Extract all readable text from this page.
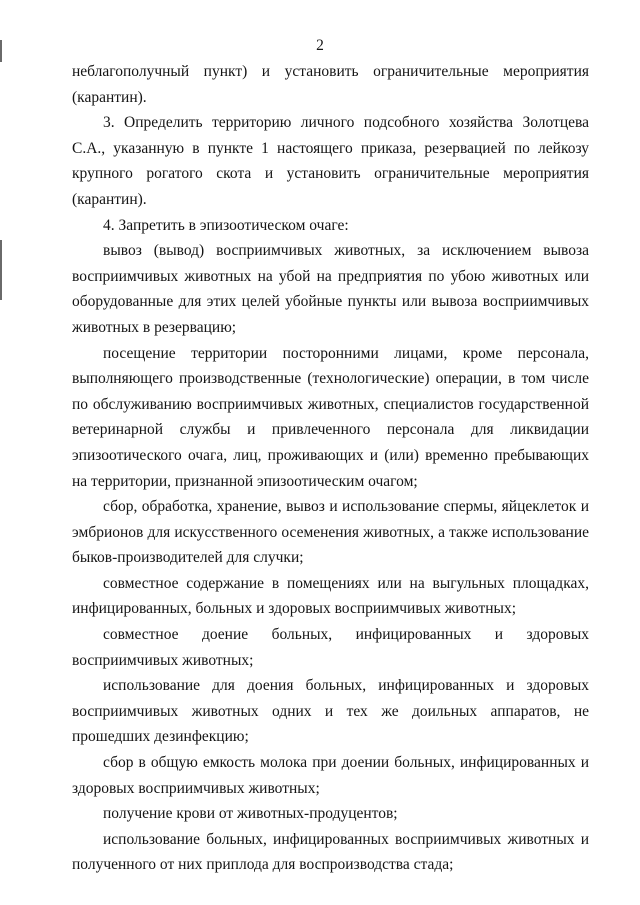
2

неблагополучный пункт) и установить ограничительные мероприятия (карантин).

3. Определить территорию личного подсобного хозяйства Золотцева С.А., указанную в пункте 1 настоящего приказа, резервацией по лейкозу крупного рогатого скота и установить ограничительные мероприятия (карантин).

4. Запретить в эпизоотическом очаге:

вывоз (вывод) восприимчивых животных, за исключением вывоза восприимчивых животных на убой на предприятия по убою животных или оборудованные для этих целей убойные пункты или вывоза восприимчивых животных в резервацию;

посещение территории посторонними лицами, кроме персонала, выполняющего производственные (технологические) операции, в том числе по обслуживанию восприимчивых животных, специалистов государственной ветеринарной службы и привлеченного персонала для ликвидации эпизоотического очага, лиц, проживающих и (или) временно пребывающих на территории, признанной эпизоотическим очагом;

сбор, обработка, хранение, вывоз и использование спермы, яйцеклеток и эмбрионов для искусственного осеменения животных, а также использование быков-производителей для случки;

совместное содержание в помещениях или на выгульных площадках, инфицированных, больных и здоровых восприимчивых животных;

совместное доение больных, инфицированных и здоровых восприимчивых животных;

использование для доения больных, инфицированных и здоровых восприимчивых животных одних и тех же доильных аппаратов, не прошедших дезинфекцию;

сбор в общую емкость молока при доении больных, инфицированных и здоровых восприимчивых животных;

получение крови от животных-продуцентов;

использование больных, инфицированных восприимчивых животных и полученного от них приплода для воспроизводства стада;
